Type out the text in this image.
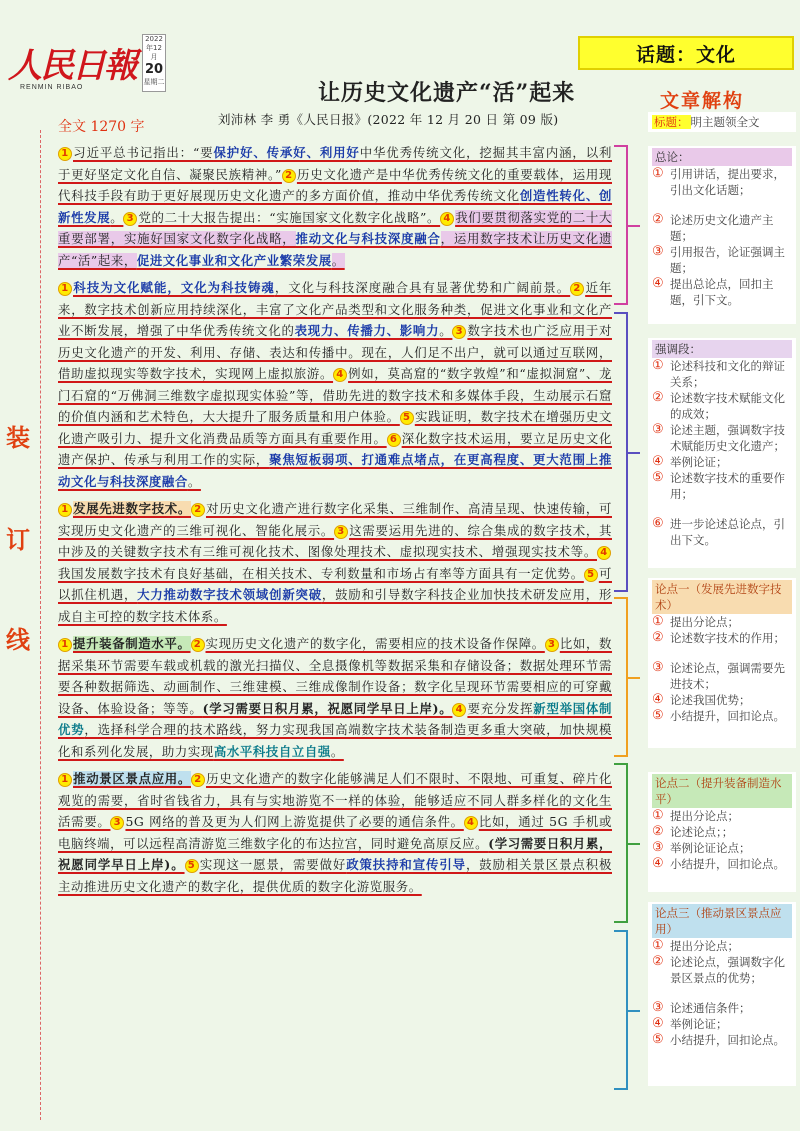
人民日報
RENMIN RIBAO
2022年12月
20
星期二
话题：文化
让历史文化遗产“活”起来
刘沛林 李 勇《人民日报》(2022 年 12 月 20 日 第 09 版)
全文 1270 字
文章解构
装
订
线
1 习近平总书记指出：“要保护好、传承好、利用好中华优秀传统文化，挖掘其丰富内涵，以利于更好坚定文化自信、凝聚民族精神。” 2 历史文化遗产是中华优秀传统文化的重要载体，运用现代科技手段有助于更好展现历史文化遗产的多方面价值，推动中华优秀传统文化创造性转化、创新性发展。 3 党的二十大报告提出：“实施国家文化数字化战略”。 4 我们要贯彻落实党的二十大重要部署，实施好国家文化数字化战略，推动文化与科技深度融合，运用数字技术让历史文化遗产“活”起来，促进文化事业和文化产业繁荣发展。
1 科技为文化赋能，文化为科技铸魂，文化与科技深度融合具有显著优势和广阔前景。 2 近年来，数字技术创新应用持续深化，丰富了文化产品类型和文化服务种类，促进文化事业和文化产业不断发展，增强了中华优秀传统文化的表现力、传播力、影响力。 3 数字技术也广泛应用于对历史文化遗产的开发、利用、存储、表达和传播中。现在，人们足不出户，就可以通过互联网，借助虚拟现实等数字技术，实现网上虚拟旅游。 4 例如，莫高窟的“数字敦煌”和“虚拟洞窟”、龙门石窟的“万佛洞三维数字虚拟现实体验”等，借助先进的数字技术和多媒体手段，生动展示石窟的价值内涵和艺术特色，大大提升了服务质量和用户体验。 5 实践证明，数字技术在增强历史文化遗产吸引力、提升文化消费品质等方面具有重要作用。 6 深化数字技术运用，要立足历史文化遗产保护、传承与利用工作的实际，聚焦短板弱项、打通难点堵点，在更高程度、更大范围上推动文化与科技深度融合。
1 发展先进数字技术。 2 对历史文化遗产进行数字化采集、三维制作、高清呈现、快速传输，可实现历史文化遗产的三维可视化、智能化展示。 3 这需要运用先进的、综合集成的数字技术，其中涉及的关键数字技术有三维可视化技术、图像处理技术、虚拟现实技术、增强现实技术等。 4我国发展数字技术有良好基础，在相关技术、专利数量和市场占有率等方面具有一定优势。 5 可以抓住机遇，大力推动数字技术领域创新突破，鼓励和引导数字科技企业加快技术研发应用，形成自主可控的数字技术体系。
1 提升装备制造水平。 2 实现历史文化遗产的数字化，需要相应的技术设备作保障。 3 比如，数据采集环节需要车载或机载的激光扫描仪、全息摄像机等数据采集和存储设备；数据处理环节需要各种数据筛选、动画制作、三维建模、三维成像制作设备；数字化呈现环节需要相应的可穿戴设备、体验设备；等等。(学习需要日积月累，祝愿同学早日上岸)。 4 要充分发挥新型举国体制优势，选择科学合理的技术路线，努力实现我国高端数字技术装备制造更多重大突破，加快规模化和系列化发展，助力实现高水平科技自立自强。
1 推动景区景点应用。 2 历史文化遗产的数字化能够满足人们不限时、不限地、可重复、碎片化观览的需要，省时省钱省力，具有与实地游览不一样的体验，能够适应不同人群多样化的文化生活需要。 3 5G 网络的普及更为人们网上游览提供了必要的通信条件。 4 比如，通过 5G 手机或电脑终端，可以远程高清游览三维数字化的布达拉宫，同时避免高原反应。(学习需要日积月累，祝愿同学早日上岸)。 5 实现这一愿景，需要做好政策扶持和宣传引导，鼓励相关景区景点积极主动推进历史文化遗产的数字化，提供优质的数字化游览服务。
标题： 明主题领全文
总论：
① 引用讲话，提出要求，引出文化话题；
② 论述历史文化遗产主题；
③ 引用报告，论证强调主题；
④ 提出总论点，回扣主题，引下文。
强调段：
① 论述科技和文化的辩证关系；
② 论述数字技术赋能文化的成效；
③ 论述主题，强调数字技术赋能历史文化遗产；
④ 举例论证；
⑤ 论述数字技术的重要作用；
⑥ 进一步论述总论点，引出下文。
论点一（发展先进数字技术）
① 提出分论点；
② 论述数字技术的作用；
③ 论述论点，强调需要先进技术；
④ 论述我国优势；
⑤ 小结提升，回扣论点。
论点二（提升装备制造水平）
① 提出分论点；
② 论述论点；；
③ 举例论证论点；
④ 小结提升，回扣论点。
论点三（推动景区景点应用）
① 提出分论点；
② 论述论点，强调数字化景区景点的优势；
③ 论述通信条件；
④ 举例论证；
⑤ 小结提升，回扣论点。
